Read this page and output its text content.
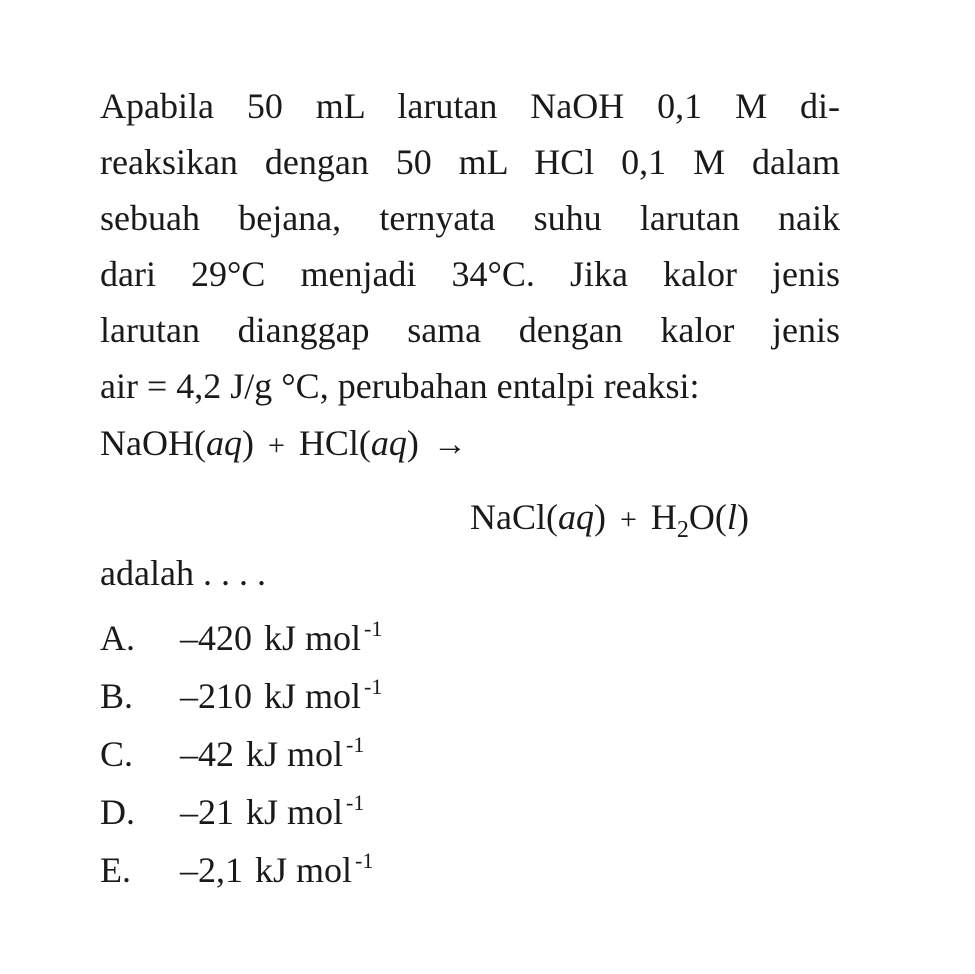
Apabila 50 mL larutan NaOH 0,1 M di-
reaksikan dengan 50 mL HCl 0,1 M dalam
sebuah bejana, ternyata suhu larutan naik
dari 29°C menjadi 34°C. Jika kalor jenis
larutan dianggap sama dengan kalor jenis
air = 4,2 J/g °C, perubahan entalpi reaksi:
NaOH(aq) + HCl(aq) →
NaCl(aq) + $H_2O(l)$
adalah . . . .
A. –420 kJ mol $^{-1}$
B. –210 kJ mol $^{-1}$
C. –42 kJ mol $^{-1}$
D. –21 kJ mol $^{-1}$
E. –2,1 kJ mol $^{-1}$
